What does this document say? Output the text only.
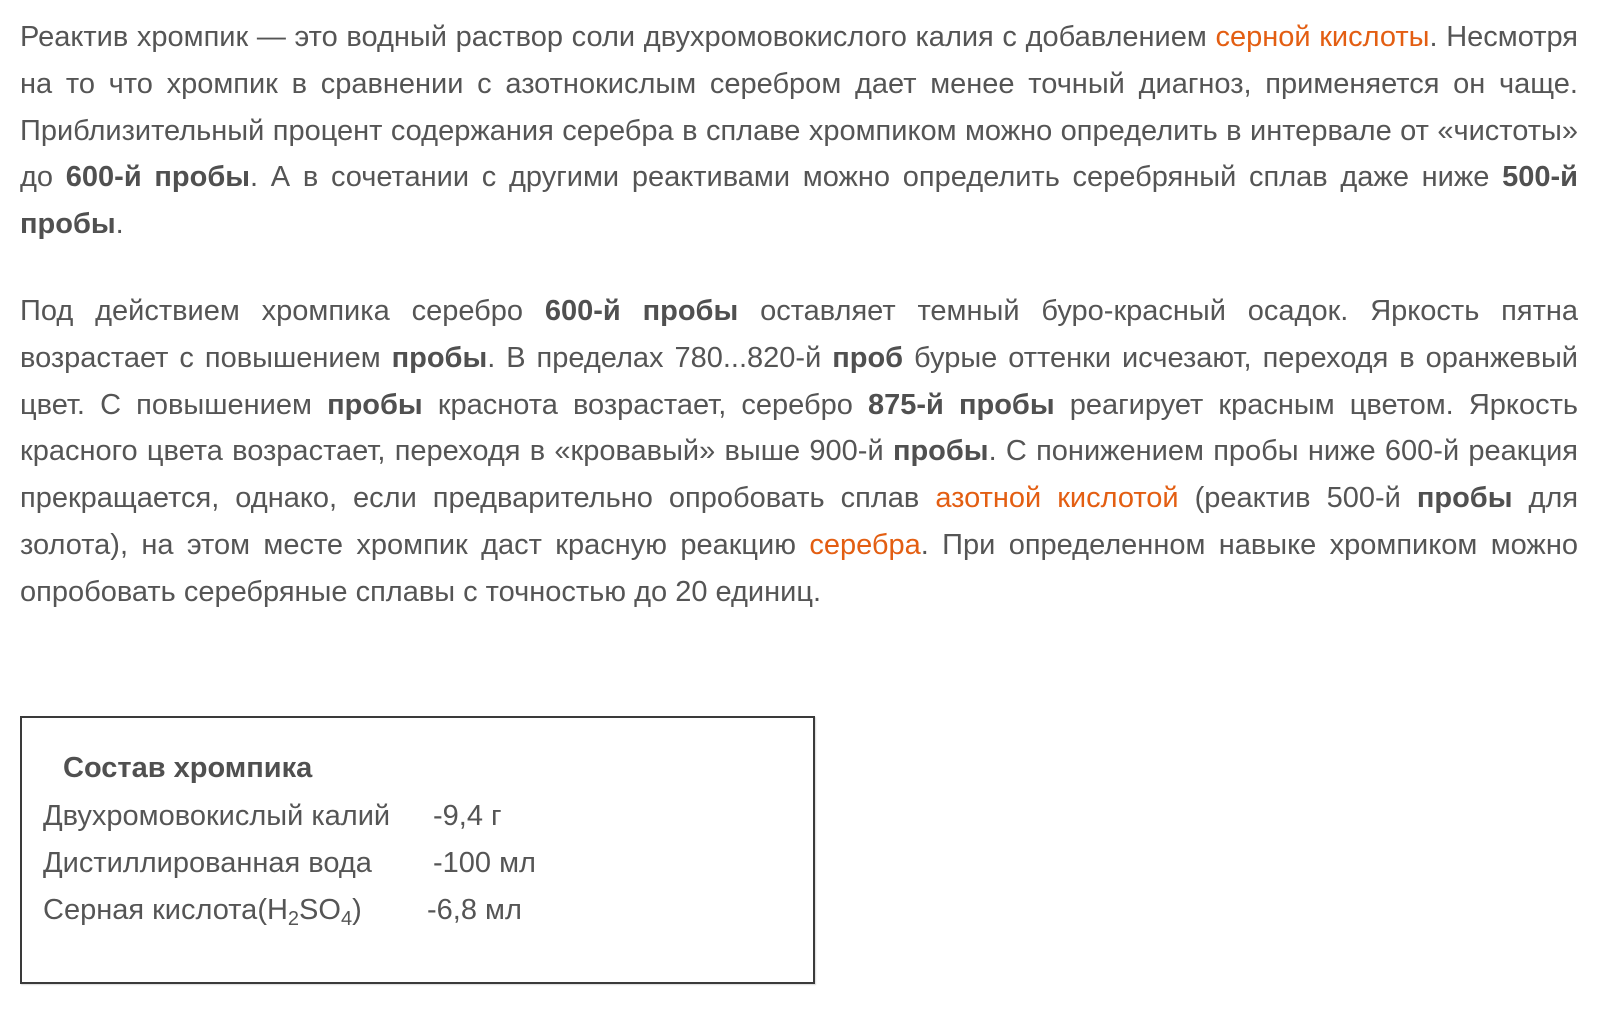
Реактив хромпик — это водный раствор соли двухромовокислого калия с добавлением серной кислоты. Несмотря на то что хромпик в сравнении с азотнокислым серебром дает менее точный диагноз, применяется он чаще. Приблизительный процент содержания серебра в сплаве хромпиком можно определить в интервале от «чистоты» до 600-й пробы. А в сочетании с другими реактивами можно определить серебряный сплав даже ниже 500-й пробы.

Под действием хромпика серебро 600-й пробы оставляет темный буро-красный осадок. Яркость пятна возрастает с повышением пробы. В пределах 780...820-й проб бурые оттенки исчезают, переходя в оранжевый цвет. С повышением пробы краснота возрастает, серебро 875-й пробы реагирует красным цветом. Яркость красного цвета возрастает, переходя в «кровавый» выше 900-й пробы. С понижением пробы ниже 600-й реакция прекращается, однако, если предварительно опробовать сплав азотной кислотой (реактив 500-й пробы для золота), на этом месте хромпик даст красную реакцию серебра. При определенном навыке хромпиком можно опробовать серебряные сплавы с точностью до 20 единиц.

Состав хромпика
Двухромовокислый калий -9,4 г
Дистиллированная вода -100 мл
Серная $кислота(H_2SO_4)$ -6,8 мл
